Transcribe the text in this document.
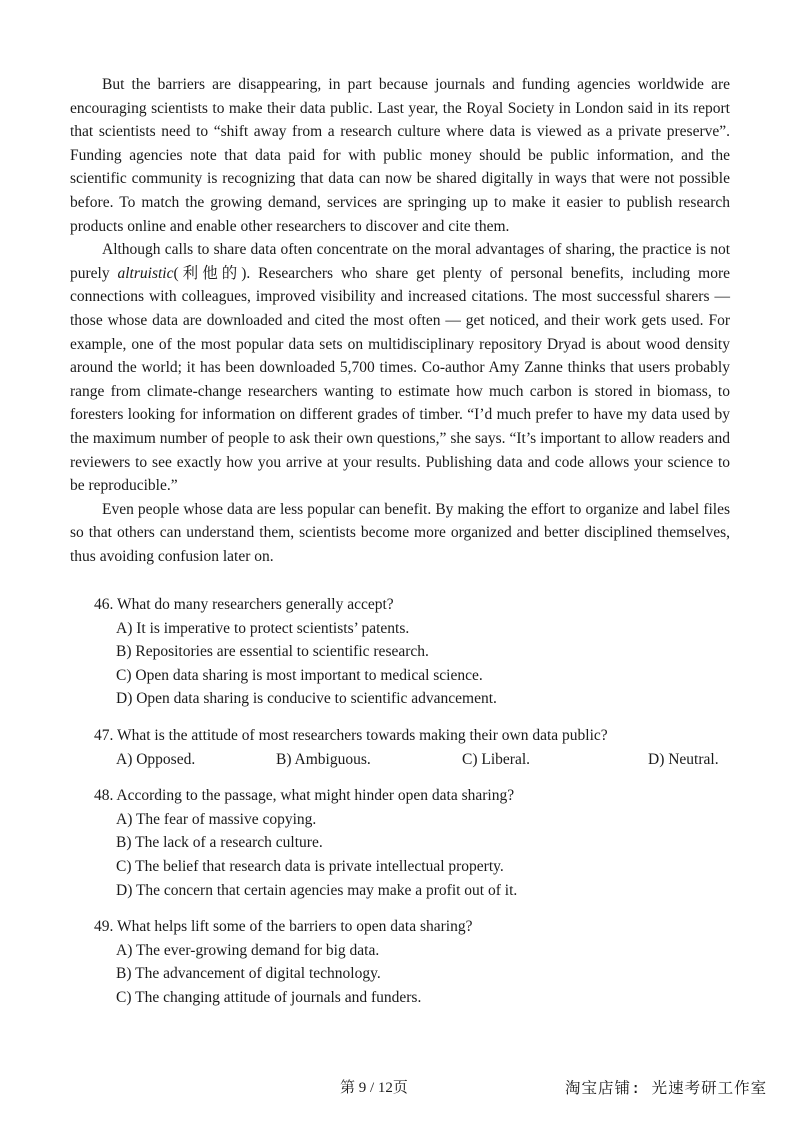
But the barriers are disappearing, in part because journals and funding agencies worldwide are encouraging scientists to make their data public. Last year, the Royal Society in London said in its report that scientists need to “shift away from a research culture where data is viewed as a private preserve”. Funding agencies note that data paid for with public money should be public information, and the scientific community is recognizing that data can now be shared digitally in ways that were not possible before. To match the growing demand, services are springing up to make it easier to publish research products online and enable other researchers to discover and cite them.

Although calls to share data often concentrate on the moral advantages of sharing, the practice is not purely altruistic(利他的). Researchers who share get plenty of personal benefits, including more connections with colleagues, improved visibility and increased citations. The most successful sharers — those whose data are downloaded and cited the most often — get noticed, and their work gets used. For example, one of the most popular data sets on multidisciplinary repository Dryad is about wood density around the world; it has been downloaded 5,700 times. Co-author Amy Zanne thinks that users probably range from climate-change researchers wanting to estimate how much carbon is stored in biomass, to foresters looking for information on different grades of timber. “I’d much prefer to have my data used by the maximum number of people to ask their own questions,” she says. “It’s important to allow readers and reviewers to see exactly how you arrive at your results. Publishing data and code allows your science to be reproducible.”

Even people whose data are less popular can benefit. By making the effort to organize and label files so that others can understand them, scientists become more organized and better disciplined themselves, thus avoiding confusion later on.

46. What do many researchers generally accept?

A) It is imperative to protect scientists’ patents.

B) Repositories are essential to scientific research.

C) Open data sharing is most important to medical science.

D) Open data sharing is conducive to scientific advancement.

47. What is the attitude of most researchers towards making their own data public?

A) Opposed.	B) Ambiguous.	C) Liberal.	D) Neutral.

48. According to the passage, what might hinder open data sharing?

A) The fear of massive copying.

B) The lack of a research culture.

C) The belief that research data is private intellectual property.

D) The concern that certain agencies may make a profit out of it.

49. What helps lift some of the barriers to open data sharing?

A) The ever-growing demand for big data.

B) The advancement of digital technology.

C) The changing attitude of journals and funders.

第 9 / 12页	淘宝店铺: 光速考研工作室
